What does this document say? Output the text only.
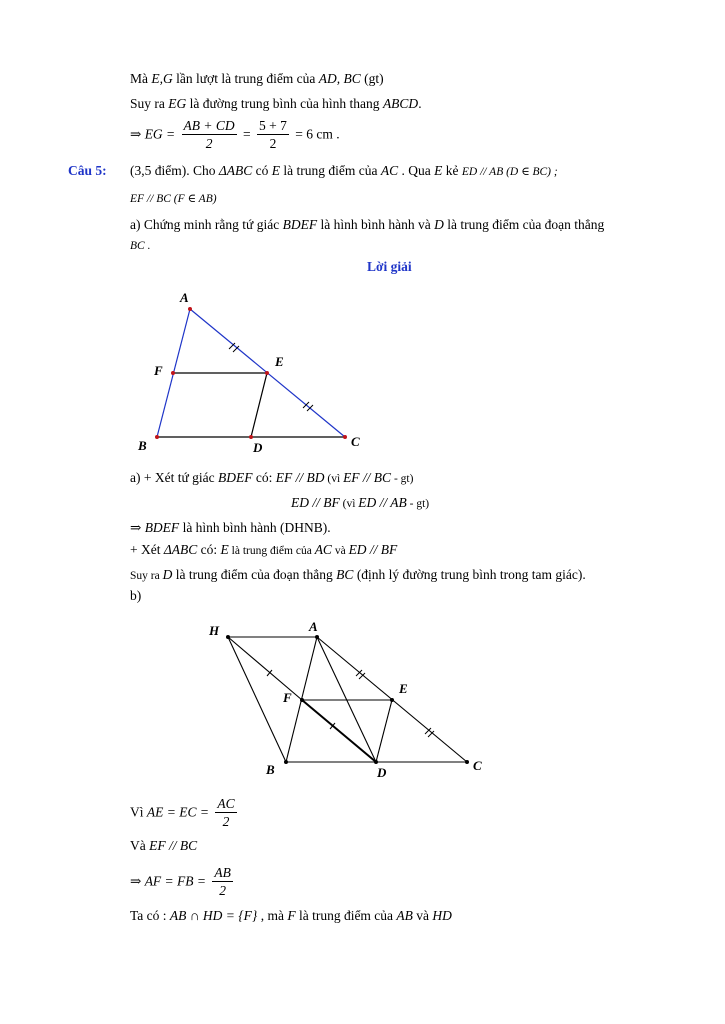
Mà E,G lần lượt là trung điểm của AD, BC (gt)
Suy ra EG là đường trung bình của hình thang ABCD.
⇒ EG = $\frac{AB + CD}{2} = \frac{5 + 7}{2} = 6$ cm .
Câu 5: (3,5 điểm). Cho ΔABC có E là trung điểm của AC . Qua E kẻ ED // AB (D ∈ BC) ;
EF // BC (F ∈ AB)
a) Chứng minh rằng tứ giác BDEF là hình bình hành và D là trung điểm của đoạn thẳng
BC .
Lời giải
A
F
E
B	D	C
a) + Xét tứ giác BDEF có: EF // BD (vì EF // BC - gt)
ED // BF (vì ED // AB - gt)
⇒ BDEF là hình bình hành (DHNB).
+ Xét ΔABC có: E là trung điểm của AC và ED // BF
Suy ra D là trung điểm của đoạn thẳng BC (định lý đường trung bình trong tam giác).
b)
H	A
F
E
B	D	C
Vì AE = EC = $\frac{AC}{2}$
Và EF // BC
⇒ AF = FB = $\frac{AB}{2}$
Ta có : AB ∩ HD = {F} , mà F là trung điểm của AB và HD
